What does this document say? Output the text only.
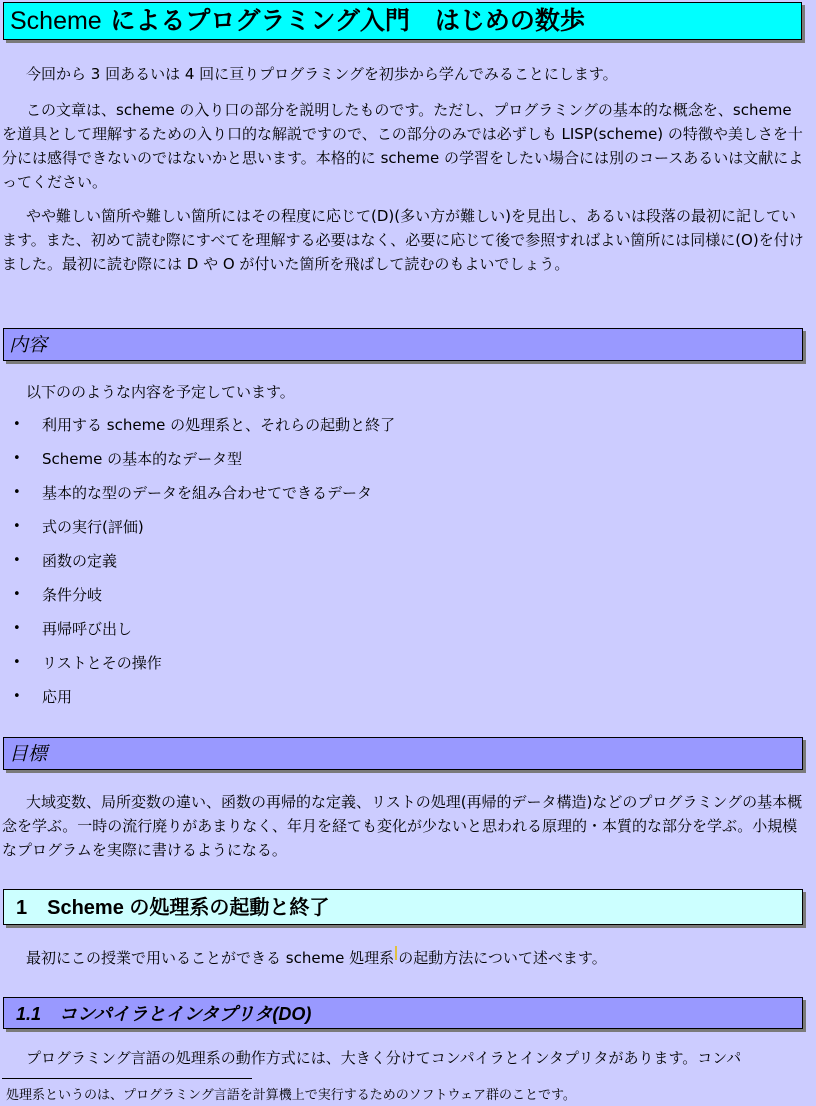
Scheme によるプログラミング入門　はじめの数歩

今回から 3 回あるいは 4 回に亘りプログラミングを初歩から学んでみることにします。

この文章は、scheme の入り口の部分を説明したものです。ただし、プログラミングの基本的な概念を、scheme を道具として理解するための入り口的な解説ですので、この部分のみでは必ずしも LISP(scheme) の特徴や美しさを十分には感得できないのではないかと思います。本格的に scheme の学習をしたい場合には別のコースあるいは文献によってください。

やや難しい箇所や難しい箇所にはその程度に応じて(D)(多い方が難しい)を見出し、あるいは段落の最初に記しています。また、初めて読む際にすべてを理解する必要はなく、必要に応じて後で参照すればよい箇所には同様に(O)を付けました。最初に読む際には D や O が付いた箇所を飛ばして読むのもよいでしょう。

内容

以下ののような内容を予定しています。

• 利用する scheme の処理系と、それらの起動と終了
• Scheme の基本的なデータ型
• 基本的な型のデータを組み合わせてできるデータ
• 式の実行(評価)
• 函数の定義
• 条件分岐
• 再帰呼び出し
• リストとその操作
• 応用
目標

大域変数、局所変数の違い、函数の再帰的な定義、リストの処理(再帰的データ構造)などのプログラミングの基本概念を学ぶ。一時の流行廃りがあまりなく、年月を経ても変化が少ないと思われる原理的・本質的な部分を学ぶ。小規模なプログラムを実際に書けるようになる。

1　Scheme の処理系の起動と終了

最初にこの授業で用いることができる scheme 処理系 の起動方法について述べます。

1.1　コンパイラとインタプリタ(DO)

プログラミング言語の処理系の動作方式には、大きく分けてコンパイラとインタプリタがあります。コンパ

処理系というのは、プログラミング言語を計算機上で実行するためのソフトウェア群のことです。
